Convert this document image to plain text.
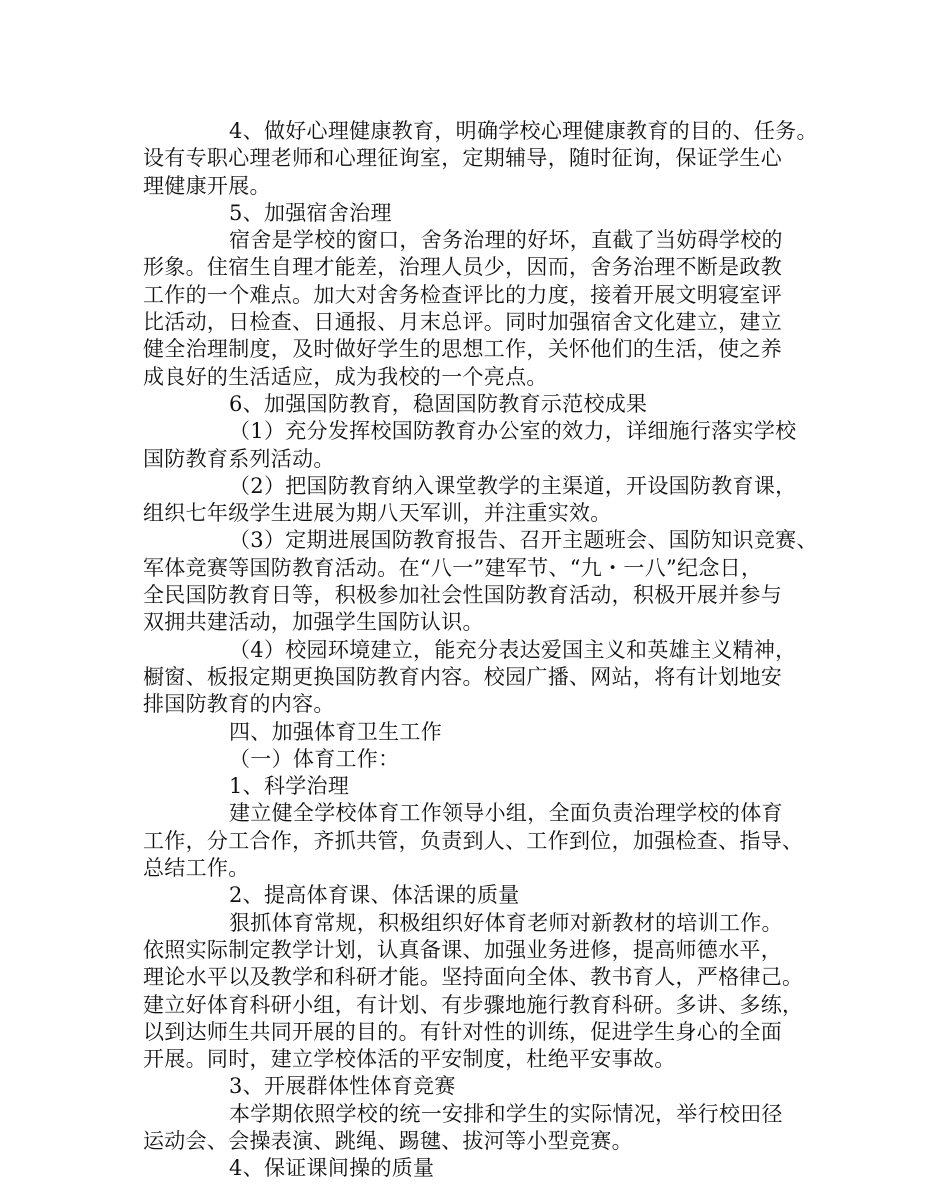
4、做好心理健康教育，明确学校心理健康教育的目的、任务。
设有专职心理老师和心理征询室，定期辅导，随时征询，保证学生心
理健康开展。
5、加强宿舍治理
宿舍是学校的窗口，舍务治理的好坏，直截了当妨碍学校的
形象。住宿生自理才能差，治理人员少，因而，舍务治理不断是政教
工作的一个难点。加大对舍务检查评比的力度，接着开展文明寝室评
比活动，日检查、日通报、月末总评。同时加强宿舍文化建立，建立
健全治理制度，及时做好学生的思想工作，关怀他们的生活，使之养
成良好的生活适应，成为我校的一个亮点。
6、加强国防教育，稳固国防教育示范校成果
（1）充分发挥校国防教育办公室的效力，详细施行落实学校
国防教育系列活动。
（2）把国防教育纳入课堂教学的主渠道，开设国防教育课，
组织七年级学生进展为期八天军训，并注重实效。
（3）定期进展国防教育报告、召开主题班会、国防知识竞赛、
军体竞赛等国防教育活动。在“八一”建军节、“九・一八”纪念日，
全民国防教育日等，积极参加社会性国防教育活动，积极开展并参与
双拥共建活动，加强学生国防认识。
（4）校园环境建立，能充分表达爱国主义和英雄主义精神，
橱窗、板报定期更换国防教育内容。校园广播、网站，将有计划地安
排国防教育的内容。
四、加强体育卫生工作
（一）体育工作：
1、科学治理
建立健全学校体育工作领导小组，全面负责治理学校的体育
工作，分工合作，齐抓共管，负责到人、工作到位，加强检查、指导、
总结工作。
2、提高体育课、体活课的质量
狠抓体育常规，积极组织好体育老师对新教材的培训工作。
依照实际制定教学计划，认真备课、加强业务进修，提高师德水平，
理论水平以及教学和科研才能。坚持面向全体、教书育人，严格律己。
建立好体育科研小组，有计划、有步骤地施行教育科研。多讲、多练，
以到达师生共同开展的目的。有针对性的训练，促进学生身心的全面
开展。同时，建立学校体活的平安制度，杜绝平安事故。
3、开展群体性体育竞赛
本学期依照学校的统一安排和学生的实际情况，举行校田径
运动会、会操表演、跳绳、踢毽、拔河等小型竞赛。
4、保证课间操的质量
